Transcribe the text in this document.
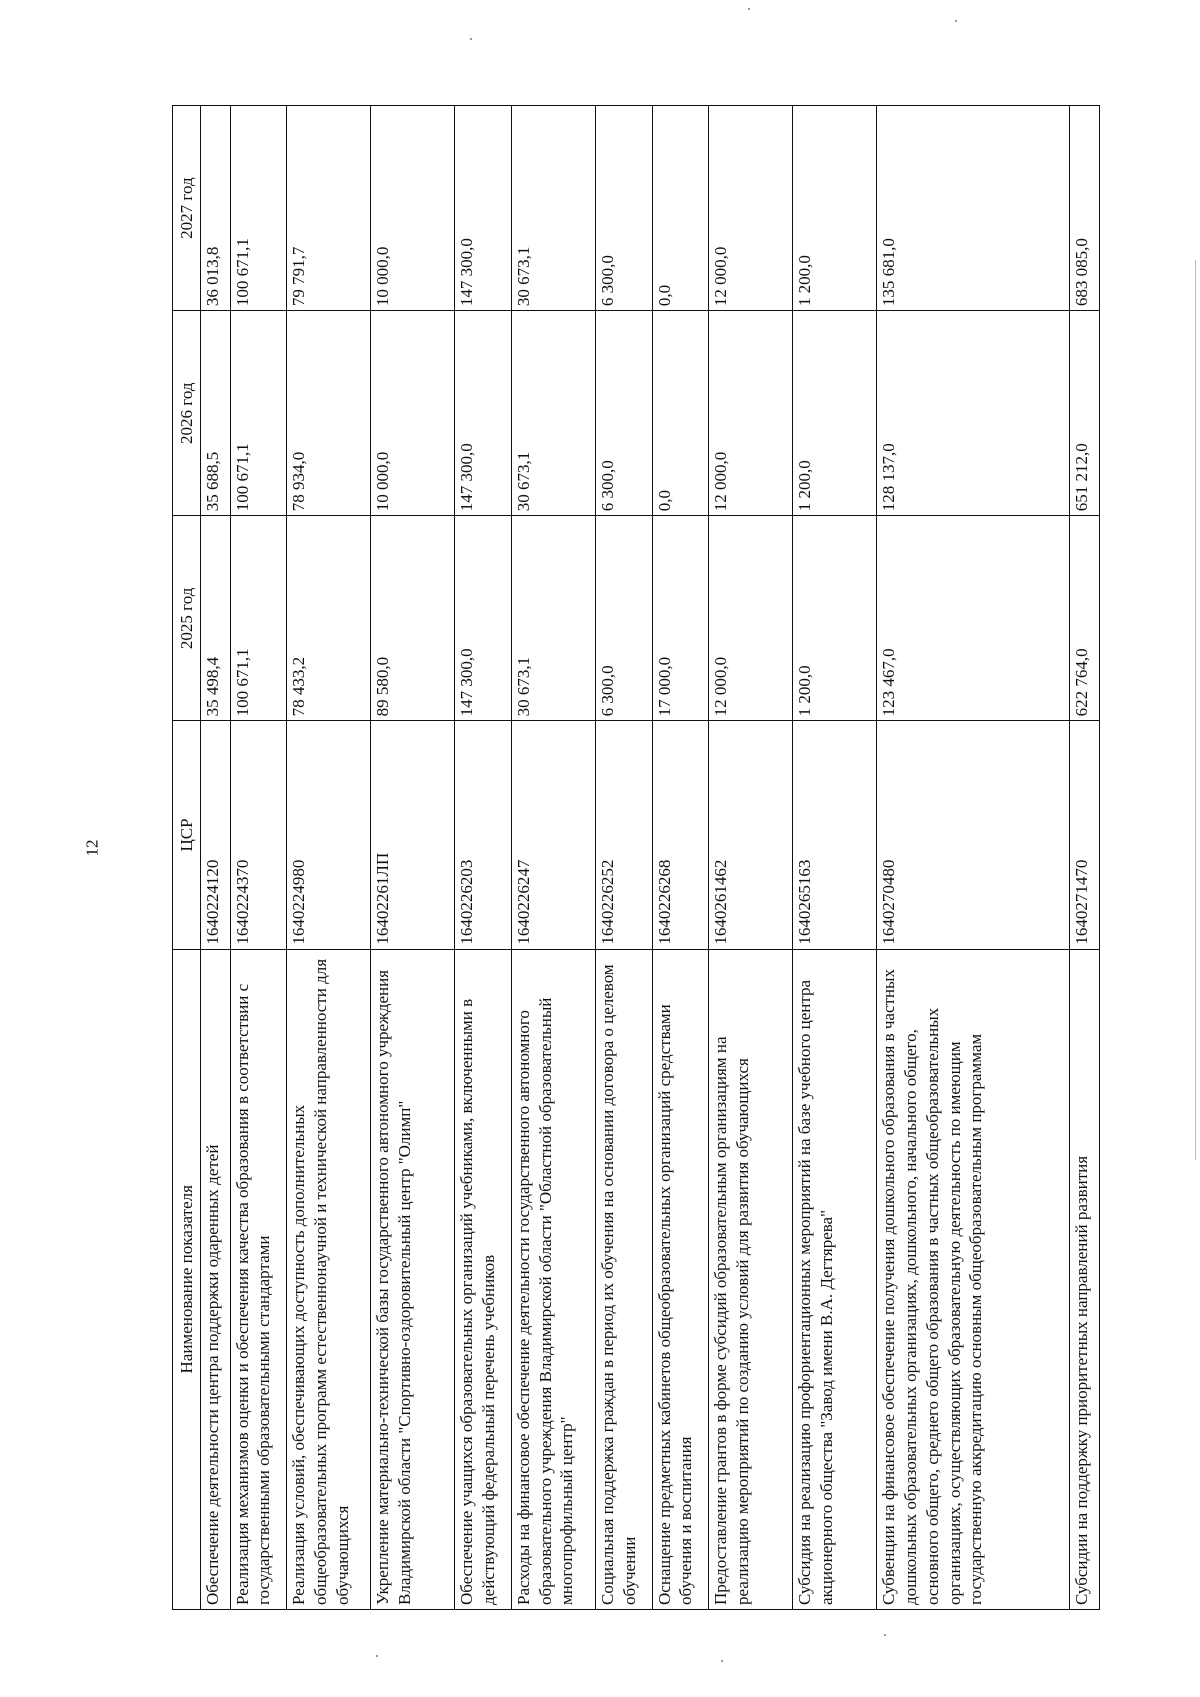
12
Наименование показателя	ЦСР	2025 год	2026 год	2027 год
Обеспечение деятельности центра поддержки одаренных детей	1640224120	35 498,4	35 688,5	36 013,8
Реализация механизмов оценки и обеспечения качества образования в соответствии с государственными образовательными стандартами	1640224370	100 671,1	100 671,1	100 671,1
Реализация условий, обеспечивающих доступность дополнительных общеобразовательных программ естественнонаучной и технической направленности для обучающихся	1640224980	78 433,2	78 934,0	79 791,7
Укрепление материально-технической базы государственного автономного учреждения Владимирской области "Спортивно-оздоровительный центр "Олимп"	16402261ЛП	89 580,0	10 000,0	10 000,0
Обеспечение учащихся образовательных организаций учебниками, включенными в действующий федеральный перечень учебников	1640226203	147 300,0	147 300,0	147 300,0
Расходы на финансовое обеспечение деятельности государственного автономного образовательного учреждения Владимирской области "Областной образовательный многопрофильный центр"	1640226247	30 673,1	30 673,1	30 673,1
Социальная поддержка граждан в период их обучения на основании договора о целевом обучении	1640226252	6 300,0	6 300,0	6 300,0
Оснащение предметных кабинетов общеобразовательных организаций средствами обучения и воспитания	1640226268	17 000,0	0,0	0,0
Предоставление грантов в форме субсидий образовательным организациям на реализацию мероприятий по созданию условий для развития обучающихся	1640261462	12 000,0	12 000,0	12 000,0
Субсидия на реализацию профориентационных мероприятий на базе учебного центра акционерного общества "Завод имени В.А. Дегтярева"	1640265163	1 200,0	1 200,0	1 200,0
Субвенции на финансовое обеспечение получения дошкольного образования в частных дошкольных образовательных организациях, дошкольного, начального общего, основного общего, среднего общего образования в частных общеобразовательных организациях, осуществляющих образовательную деятельность по имеющим государственную аккредитацию основным общеобразовательным программам	1640270480	123 467,0	128 137,0	135 681,0
Субсидии на поддержку приоритетных направлений развития	1640271470	622 764,0	651 212,0	683 085,0
